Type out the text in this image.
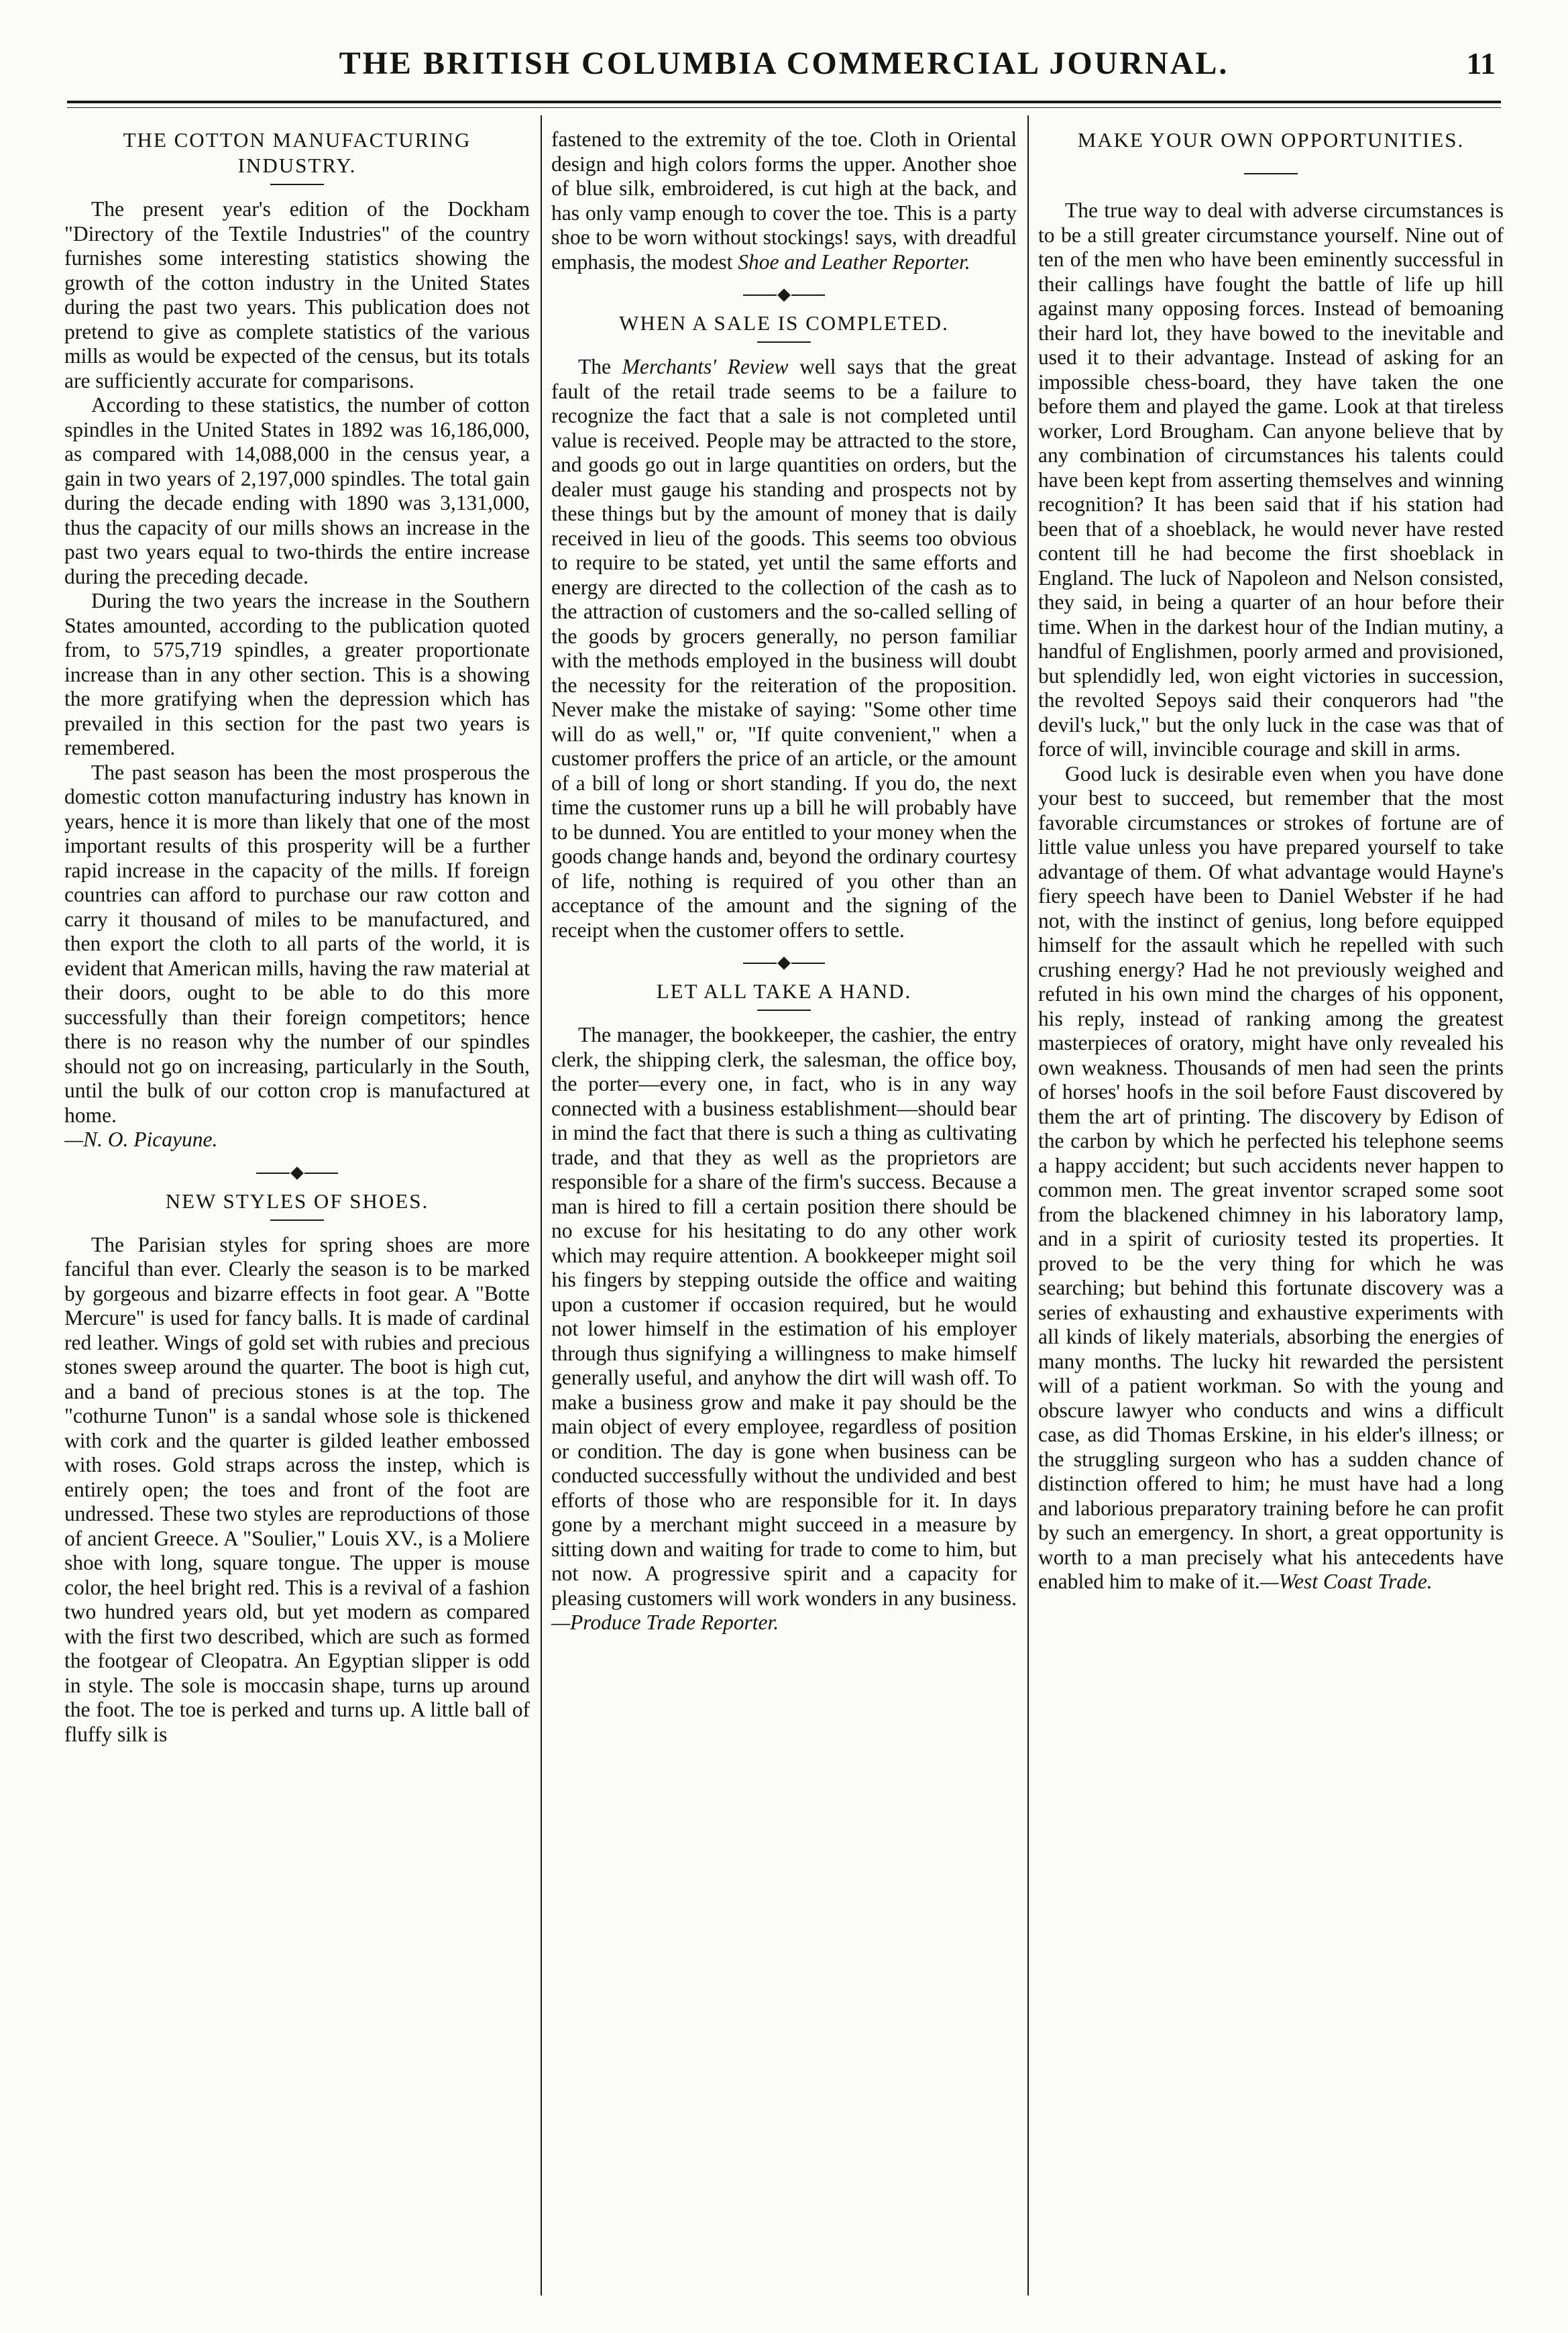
THE BRITISH COLUMBIA COMMERCIAL JOURNAL.	11
THE COTTON MANUFACTURING INDUSTRY.

The present year's edition of the Dockham "Directory of the Textile Industries" of the country furnishes some interesting statistics showing the growth of the cotton industry in the United States during the past two years. This publication does not pretend to give as complete statistics of the various mills as would be expected of the census, but its totals are sufficiently accurate for comparisons.

According to these statistics, the number of cotton spindles in the United States in 1892 was 16,186,000, as compared with 14,088,000 in the census year, a gain in two years of 2,197,000 spindles. The total gain during the decade ending with 1890 was 3,131,000, thus the capacity of our mills shows an increase in the past two years equal to two-thirds the entire increase during the preceding decade.

During the two years the increase in the Southern States amounted, according to the publication quoted from, to 575,719 spindles, a greater proportionate increase than in any other section. This is a showing the more gratifying when the depression which has prevailed in this section for the past two years is remembered.

The past season has been the most prosperous the domestic cotton manufacturing industry has known in years, hence it is more than likely that one of the most important results of this prosperity will be a further rapid increase in the capacity of the mills. If foreign countries can afford to purchase our raw cotton and carry it thousand of miles to be manufactured, and then export the cloth to all parts of the world, it is evident that American mills, having the raw material at their doors, ought to be able to do this more successfully than their foreign competitors; hence there is no reason why the number of our spindles should not go on increasing, particularly in the South, until the bulk of our cotton crop is manufactured at home.
—N. O. Picayune.

NEW STYLES OF SHOES.

The Parisian styles for spring shoes are more fanciful than ever. Clearly the season is to be marked by gorgeous and bizarre effects in foot gear. A "Botte Mercure" is used for fancy balls. It is made of cardinal red leather. Wings of gold set with rubies and precious stones sweep around the quarter. The boot is high cut, and a band of precious stones is at the top. The "cothurne Tunon" is a sandal whose sole is thickened with cork and the quarter is gilded leather embossed with roses. Gold straps across the instep, which is entirely open; the toes and front of the foot are undressed. These two styles are reproductions of those of ancient Greece. A "Soulier," Louis XV., is a Moliere shoe with long, square tongue. The upper is mouse color, the heel bright red. This is a revival of a fashion two hundred years old, but yet modern as compared with the first two described, which are such as formed the footgear of Cleopatra. An Egyptian slipper is odd in style. The sole is moccasin shape, turns up around the foot. The toe is perked and turns up. A little ball of fluffy silk is

fastened to the extremity of the toe. Cloth in Oriental design and high colors forms the upper. Another shoe of blue silk, embroidered, is cut high at the back, and has only vamp enough to cover the toe. This is a party shoe to be worn without stockings! says, with dreadful emphasis, the modest Shoe and Leather Reporter.

WHEN A SALE IS COMPLETED.

The Merchants' Review well says that the great fault of the retail trade seems to be a failure to recognize the fact that a sale is not completed until value is received. People may be attracted to the store, and goods go out in large quantities on orders, but the dealer must gauge his standing and prospects not by these things but by the amount of money that is daily received in lieu of the goods. This seems too obvious to require to be stated, yet until the same efforts and energy are directed to the collection of the cash as to the attraction of customers and the so-called selling of the goods by grocers generally, no person familiar with the methods employed in the business will doubt the necessity for the reiteration of the proposition. Never make the mistake of saying: "Some other time will do as well," or, "If quite convenient," when a customer proffers the price of an article, or the amount of a bill of long or short standing. If you do, the next time the customer runs up a bill he will probably have to be dunned. You are entitled to your money when the goods change hands and, beyond the ordinary courtesy of life, nothing is required of you other than an acceptance of the amount and the signing of the receipt when the customer offers to settle.

LET ALL TAKE A HAND.

The manager, the bookkeeper, the cashier, the entry clerk, the shipping clerk, the salesman, the office boy, the porter—every one, in fact, who is in any way connected with a business establishment—should bear in mind the fact that there is such a thing as cultivating trade, and that they as well as the proprietors are responsible for a share of the firm's success. Because a man is hired to fill a certain position there should be no excuse for his hesitating to do any other work which may require attention. A bookkeeper might soil his fingers by stepping outside the office and waiting upon a customer if occasion required, but he would not lower himself in the estimation of his employer through thus signifying a willingness to make himself generally useful, and anyhow the dirt will wash off. To make a business grow and make it pay should be the main object of every employee, regardless of position or condition. The day is gone when business can be conducted successfully without the undivided and best efforts of those who are responsible for it. In days gone by a merchant might succeed in a measure by sitting down and waiting for trade to come to him, but not now. A progressive spirit and a capacity for pleasing customers will work wonders in any business.—Produce Trade Reporter.

MAKE YOUR OWN OPPORTUNITIES.

The true way to deal with adverse circumstances is to be a still greater circumstance yourself. Nine out of ten of the men who have been eminently successful in their callings have fought the battle of life up hill against many opposing forces. Instead of bemoaning their hard lot, they have bowed to the inevitable and used it to their advantage. Instead of asking for an impossible chess-board, they have taken the one before them and played the game. Look at that tireless worker, Lord Brougham. Can anyone believe that by any combination of circumstances his talents could have been kept from asserting themselves and winning recognition? It has been said that if his station had been that of a shoeblack, he would never have rested content till he had become the first shoeblack in England. The luck of Napoleon and Nelson consisted, they said, in being a quarter of an hour before their time. When in the darkest hour of the Indian mutiny, a handful of Englishmen, poorly armed and provisioned, but splendidly led, won eight victories in succession, the revolted Sepoys said their conquerors had "the devil's luck," but the only luck in the case was that of force of will, invincible courage and skill in arms.

Good luck is desirable even when you have done your best to succeed, but remember that the most favorable circumstances or strokes of fortune are of little value unless you have prepared yourself to take advantage of them. Of what advantage would Hayne's fiery speech have been to Daniel Webster if he had not, with the instinct of genius, long before equipped himself for the assault which he repelled with such crushing energy? Had he not previously weighed and refuted in his own mind the charges of his opponent, his reply, instead of ranking among the greatest masterpieces of oratory, might have only revealed his own weakness. Thousands of men had seen the prints of horses' hoofs in the soil before Faust discovered by them the art of printing. The discovery by Edison of the carbon by which he perfected his telephone seems a happy accident; but such accidents never happen to common men. The great inventor scraped some soot from the blackened chimney in his laboratory lamp, and in a spirit of curiosity tested its properties. It proved to be the very thing for which he was searching; but behind this fortunate discovery was a series of exhausting and exhaustive experiments with all kinds of likely materials, absorbing the energies of many months. The lucky hit rewarded the persistent will of a patient workman. So with the young and obscure lawyer who conducts and wins a difficult case, as did Thomas Erskine, in his elder's illness; or the struggling surgeon who has a sudden chance of distinction offered to him; he must have had a long and laborious preparatory training before he can profit by such an emergency. In short, a great opportunity is worth to a man precisely what his antecedents have enabled him to make of it.—West Coast Trade.
